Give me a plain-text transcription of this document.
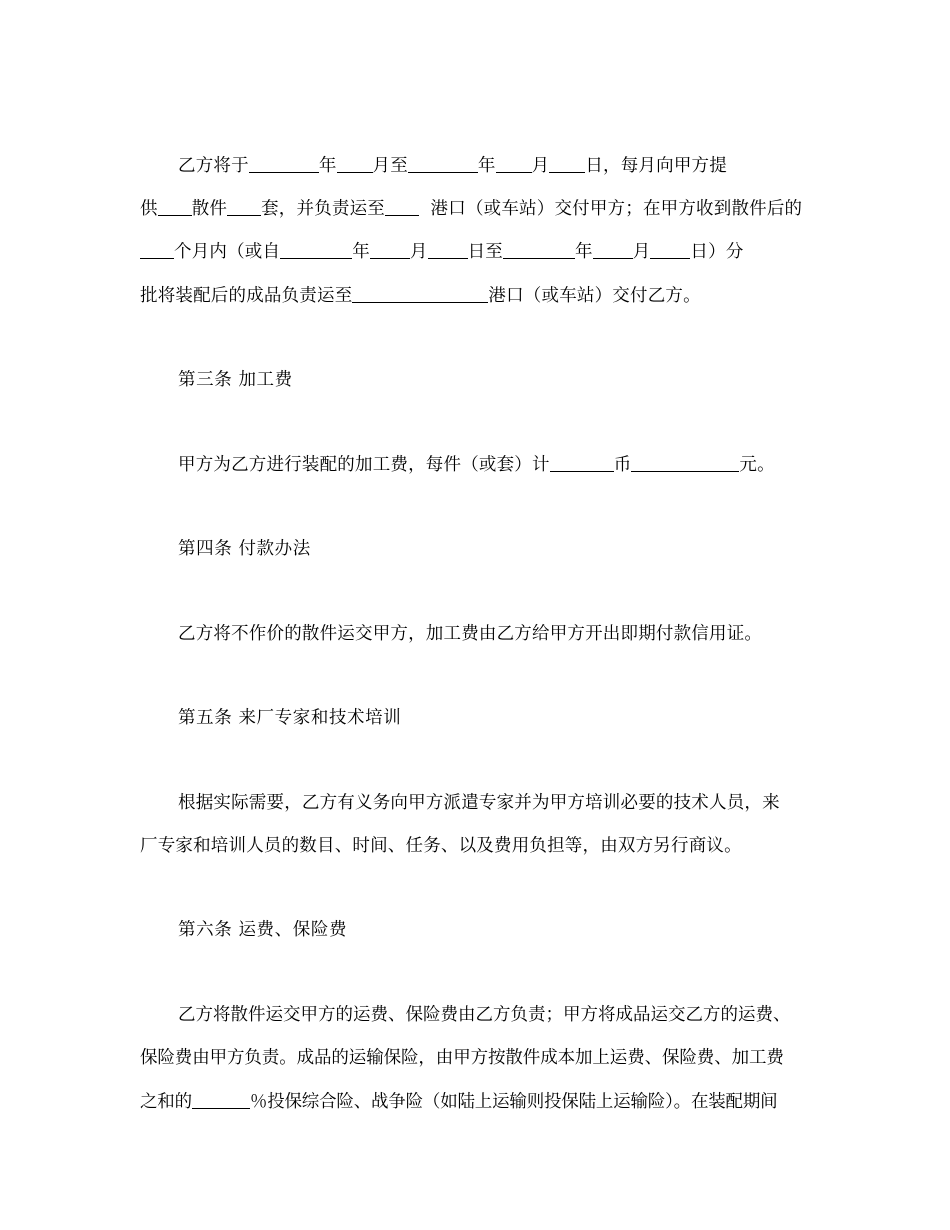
乙方将于	年 月至	年 月 日，每月向甲方提
供 散件 套，并负责运至	港口（或车站）交付甲方；在甲方收到散件后的
个月内（或自	年 月 日至	年 月 日）分
批将装配后的成品负责运至	港口（或车站）交付乙方。
第三条 加工费
甲方为乙方进行装配的加工费，每件（或套）计	币	元。
第四条 付款办法
乙方将不作价的散件运交甲方，加工费由乙方给甲方开出即期付款信用证。
第五条 来厂专家和技术培训
根据实际需要，乙方有义务向甲方派遣专家并为甲方培训必要的技术人员，来
厂专家和培训人员的数目、时间、任务、以及费用负担等，由双方另行商议。
第六条 运费、保险费
乙方将散件运交甲方的运费、保险费由乙方负责；甲方将成品运交乙方的运费、
保险费由甲方负责。成品的运输保险，由甲方按散件成本加上运费、保险费、加工费
之和的	％投保综合险、战争险（如陆上运输则投保陆上运输险）。在装配期间
